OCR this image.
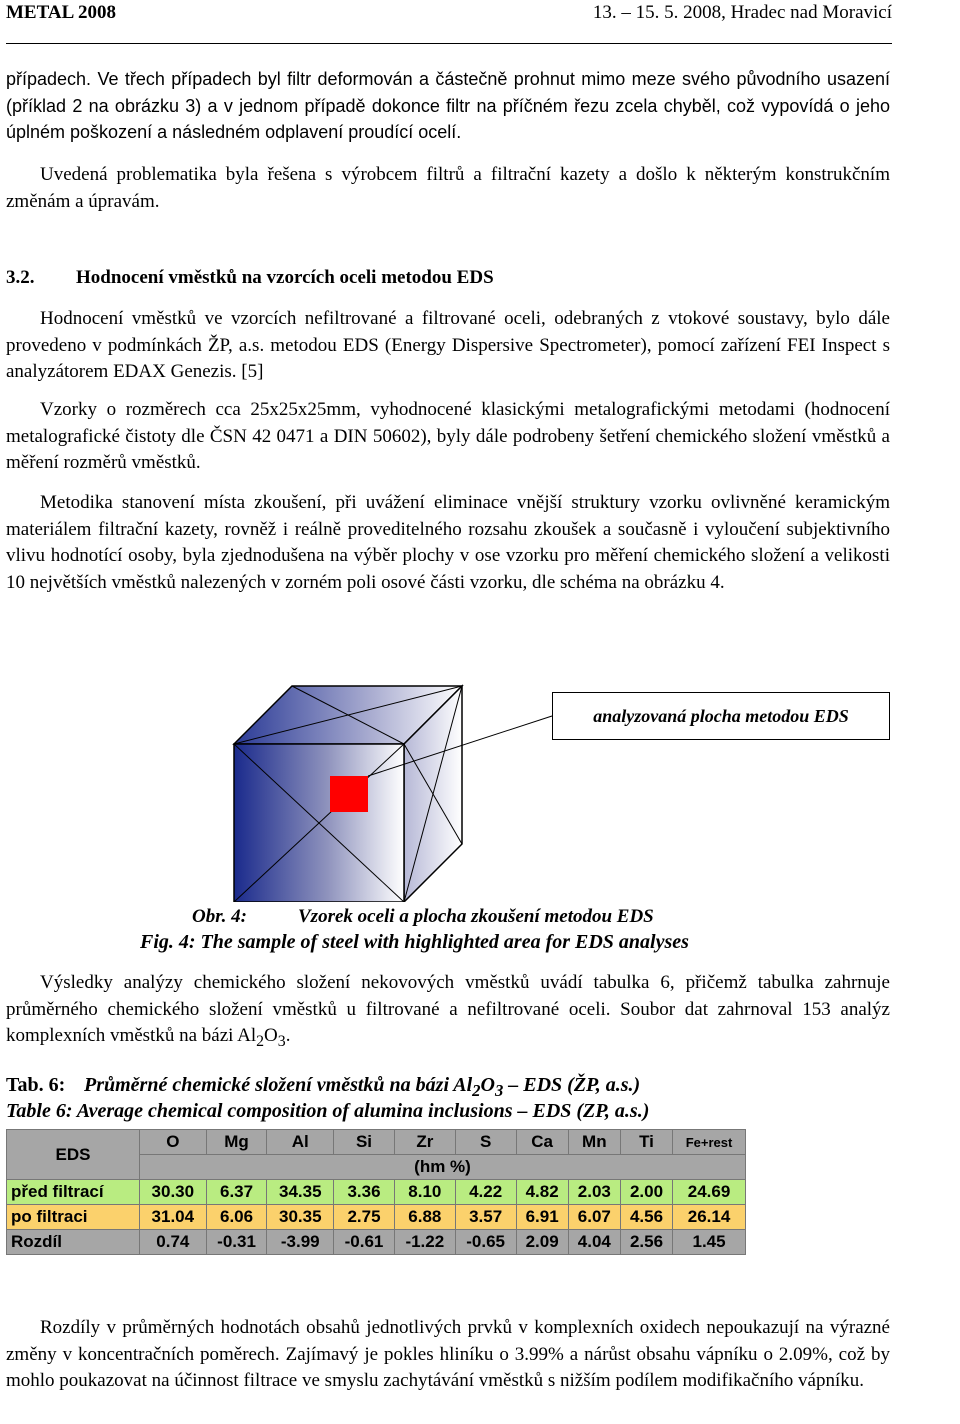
METAL 2008	13. – 15. 5. 2008, Hradec nad Moravicí

případech. Ve třech případech byl filtr deformován a částečně prohnut mimo meze svého původního usazení (příklad 2 na obrázku 3) a v jednom případě dokonce filtr na příčném řezu zcela chyběl, což vypovídá o jeho úplném poškození a následném odplavení proudící ocelí.

Uvedená problematika byla řešena s výrobcem filtrů a filtrační kazety a došlo k některým konstrukčním změnám a úpravám.

3.2. Hodnocení vměstků na vzorcích oceli metodou EDS

Hodnocení vměstků ve vzorcích nefiltrované a filtrované oceli, odebraných z vtokové soustavy, bylo dále provedeno v podmínkách ŽP, a.s. metodou EDS (Energy Dispersive Spectrometer), pomocí zařízení FEI Inspect s analyzátorem EDAX Genezis. [5]

Vzorky o rozměrech cca 25x25x25mm, vyhodnocené klasickými metalografickými metodami (hodnocení metalografické čistoty dle ČSN 42 0471 a DIN 50602), byly dále podrobeny šetření chemického složení vměstků a měření rozměrů vměstků.

Metodika stanovení místa zkoušení, při uvážení eliminace vnější struktury vzorku ovlivněné keramickým materiálem filtrační kazety, rovněž i reálně proveditelného rozsahu zkoušek a současně i vyloučení subjektivního vlivu hodnotící osoby, byla zjednodušena na výběr plochy v ose vzorku pro měření chemického složení a velikosti 10 největších vměstků nalezených v zorném poli osové části vzorku, dle schéma na obrázku 4.

analyzovaná plocha metodou EDS
Obr. 4:	Vzorek oceli a plocha zkoušení metodou EDS
Fig. 4: The sample of steel with highlighted area for EDS analyses

Výsledky analýzy chemického složení nekovových vměstků uvádí tabulka 6, přičemž tabulka zahrnuje průměrného chemického složení vměstků u filtrované a nefiltrované oceli. Soubor dat zahrnoval 153 analýz komplexních vměstků na bázi $Al_2O_3$.

Tab. 6: Průměrné chemické složení vměstků na bázi $Al_2O_3$ – EDS (ŽP, a.s.)
Table 6: Average chemical composition of alumina inclusions – EDS (ZP, a.s.)
EDS	O	Mg	Al	Si	Zr	S	Ca	Mn	Ti	Fe+rest
	(hm %)									
před filtrací	30.30	6.37	34.35	3.36	8.10	4.22	4.82	2.03	2.00	24.69
po filtraci	31.04	6.06	30.35	2.75	6.88	3.57	6.91	6.07	4.56	26.14
Rozdíl	0.74	-0.31	-3.99	-0.61	-1.22	-0.65	2.09	4.04	2.56	1.45

Rozdíly v průměrných hodnotách obsahů jednotlivých prvků v komplexních oxidech nepoukazují na výrazné změny v koncentračních poměrech. Zajímavý je pokles hliníku o 3.99% a nárůst obsahu vápníku o 2.09%, což by mohlo poukazovat na účinnost filtrace ve smyslu zachytávání vměstků s nižším podílem modifikačního vápníku.
